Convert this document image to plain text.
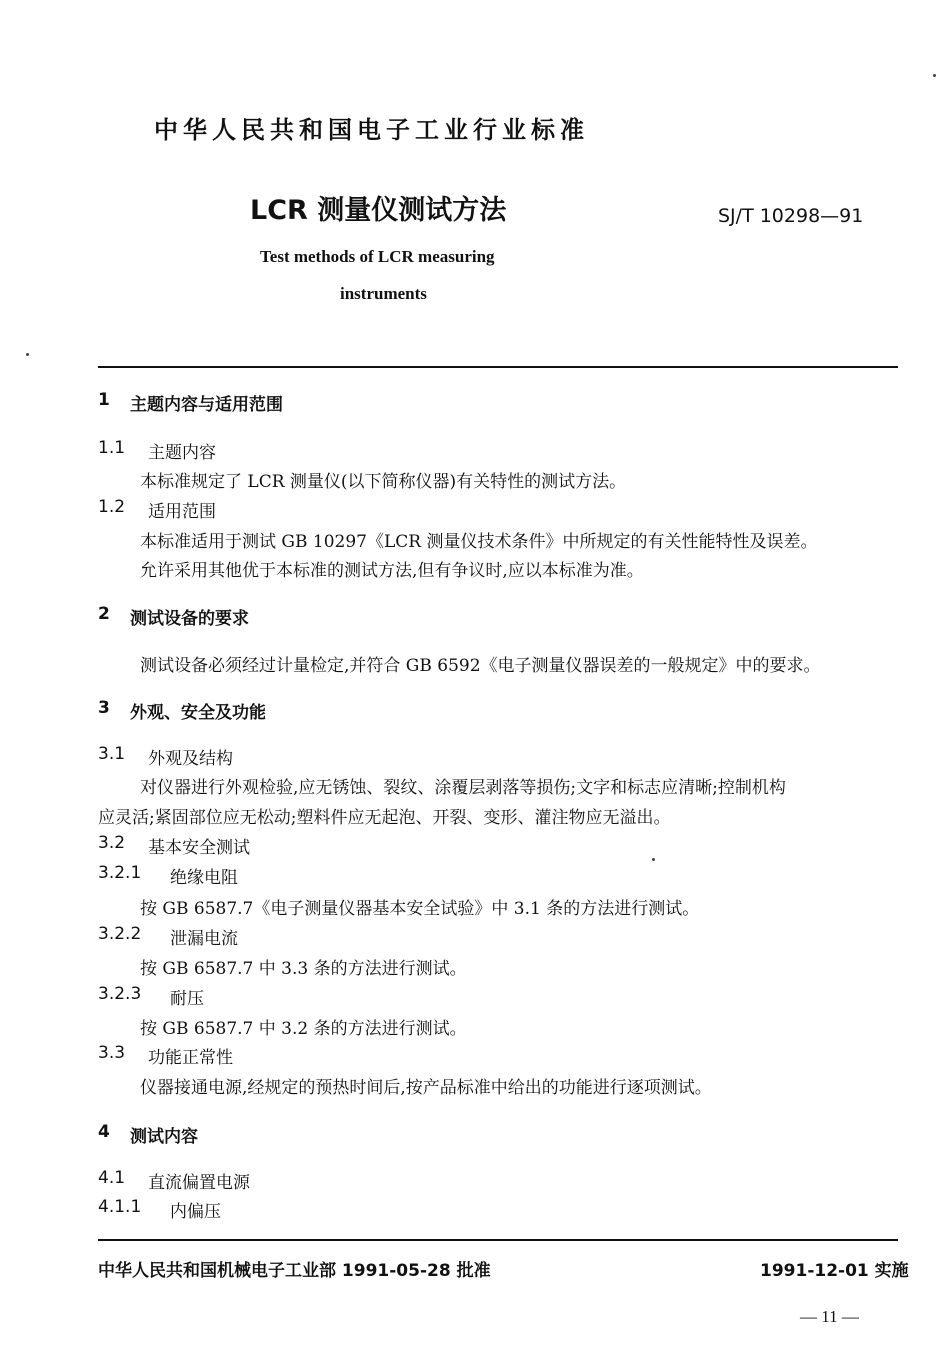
中华人民共和国电子工业行业标准
LCR 测量仪测试方法	SJ/T 10298—91
Test methods of LCR measuring
instruments
1 主题内容与适用范围
1.1 主题内容
本标准规定了 LCR 测量仪(以下简称仪器)有关特性的测试方法。
1.2 适用范围
本标准适用于测试 GB 10297《LCR 测量仪技术条件》中所规定的有关性能特性及误差。
允许采用其他优于本标准的测试方法,但有争议时,应以本标准为准。
2 测试设备的要求
测试设备必须经过计量检定,并符合 GB 6592《电子测量仪器误差的一般规定》中的要求。
3 外观、安全及功能
3.1 外观及结构
对仪器进行外观检验,应无锈蚀、裂纹、涂覆层剥落等损伤;文字和标志应清晰;控制机构
应灵活;紧固部位应无松动;塑料件应无起泡、开裂、变形、灌注物应无溢出。
3.2 基本安全测试
3.2.1 绝缘电阻
按 GB 6587.7《电子测量仪器基本安全试验》中 3.1 条的方法进行测试。
3.2.2 泄漏电流
按 GB 6587.7 中 3.3 条的方法进行测试。
3.2.3 耐压
按 GB 6587.7 中 3.2 条的方法进行测试。
3.3 功能正常性
仪器接通电源,经规定的预热时间后,按产品标准中给出的功能进行逐项测试。
4 测试内容
4.1 直流偏置电源
4.1.1 内偏压
中华人民共和国机械电子工业部 1991-05-28 批准	1991-12-01 实施
— 11 —
